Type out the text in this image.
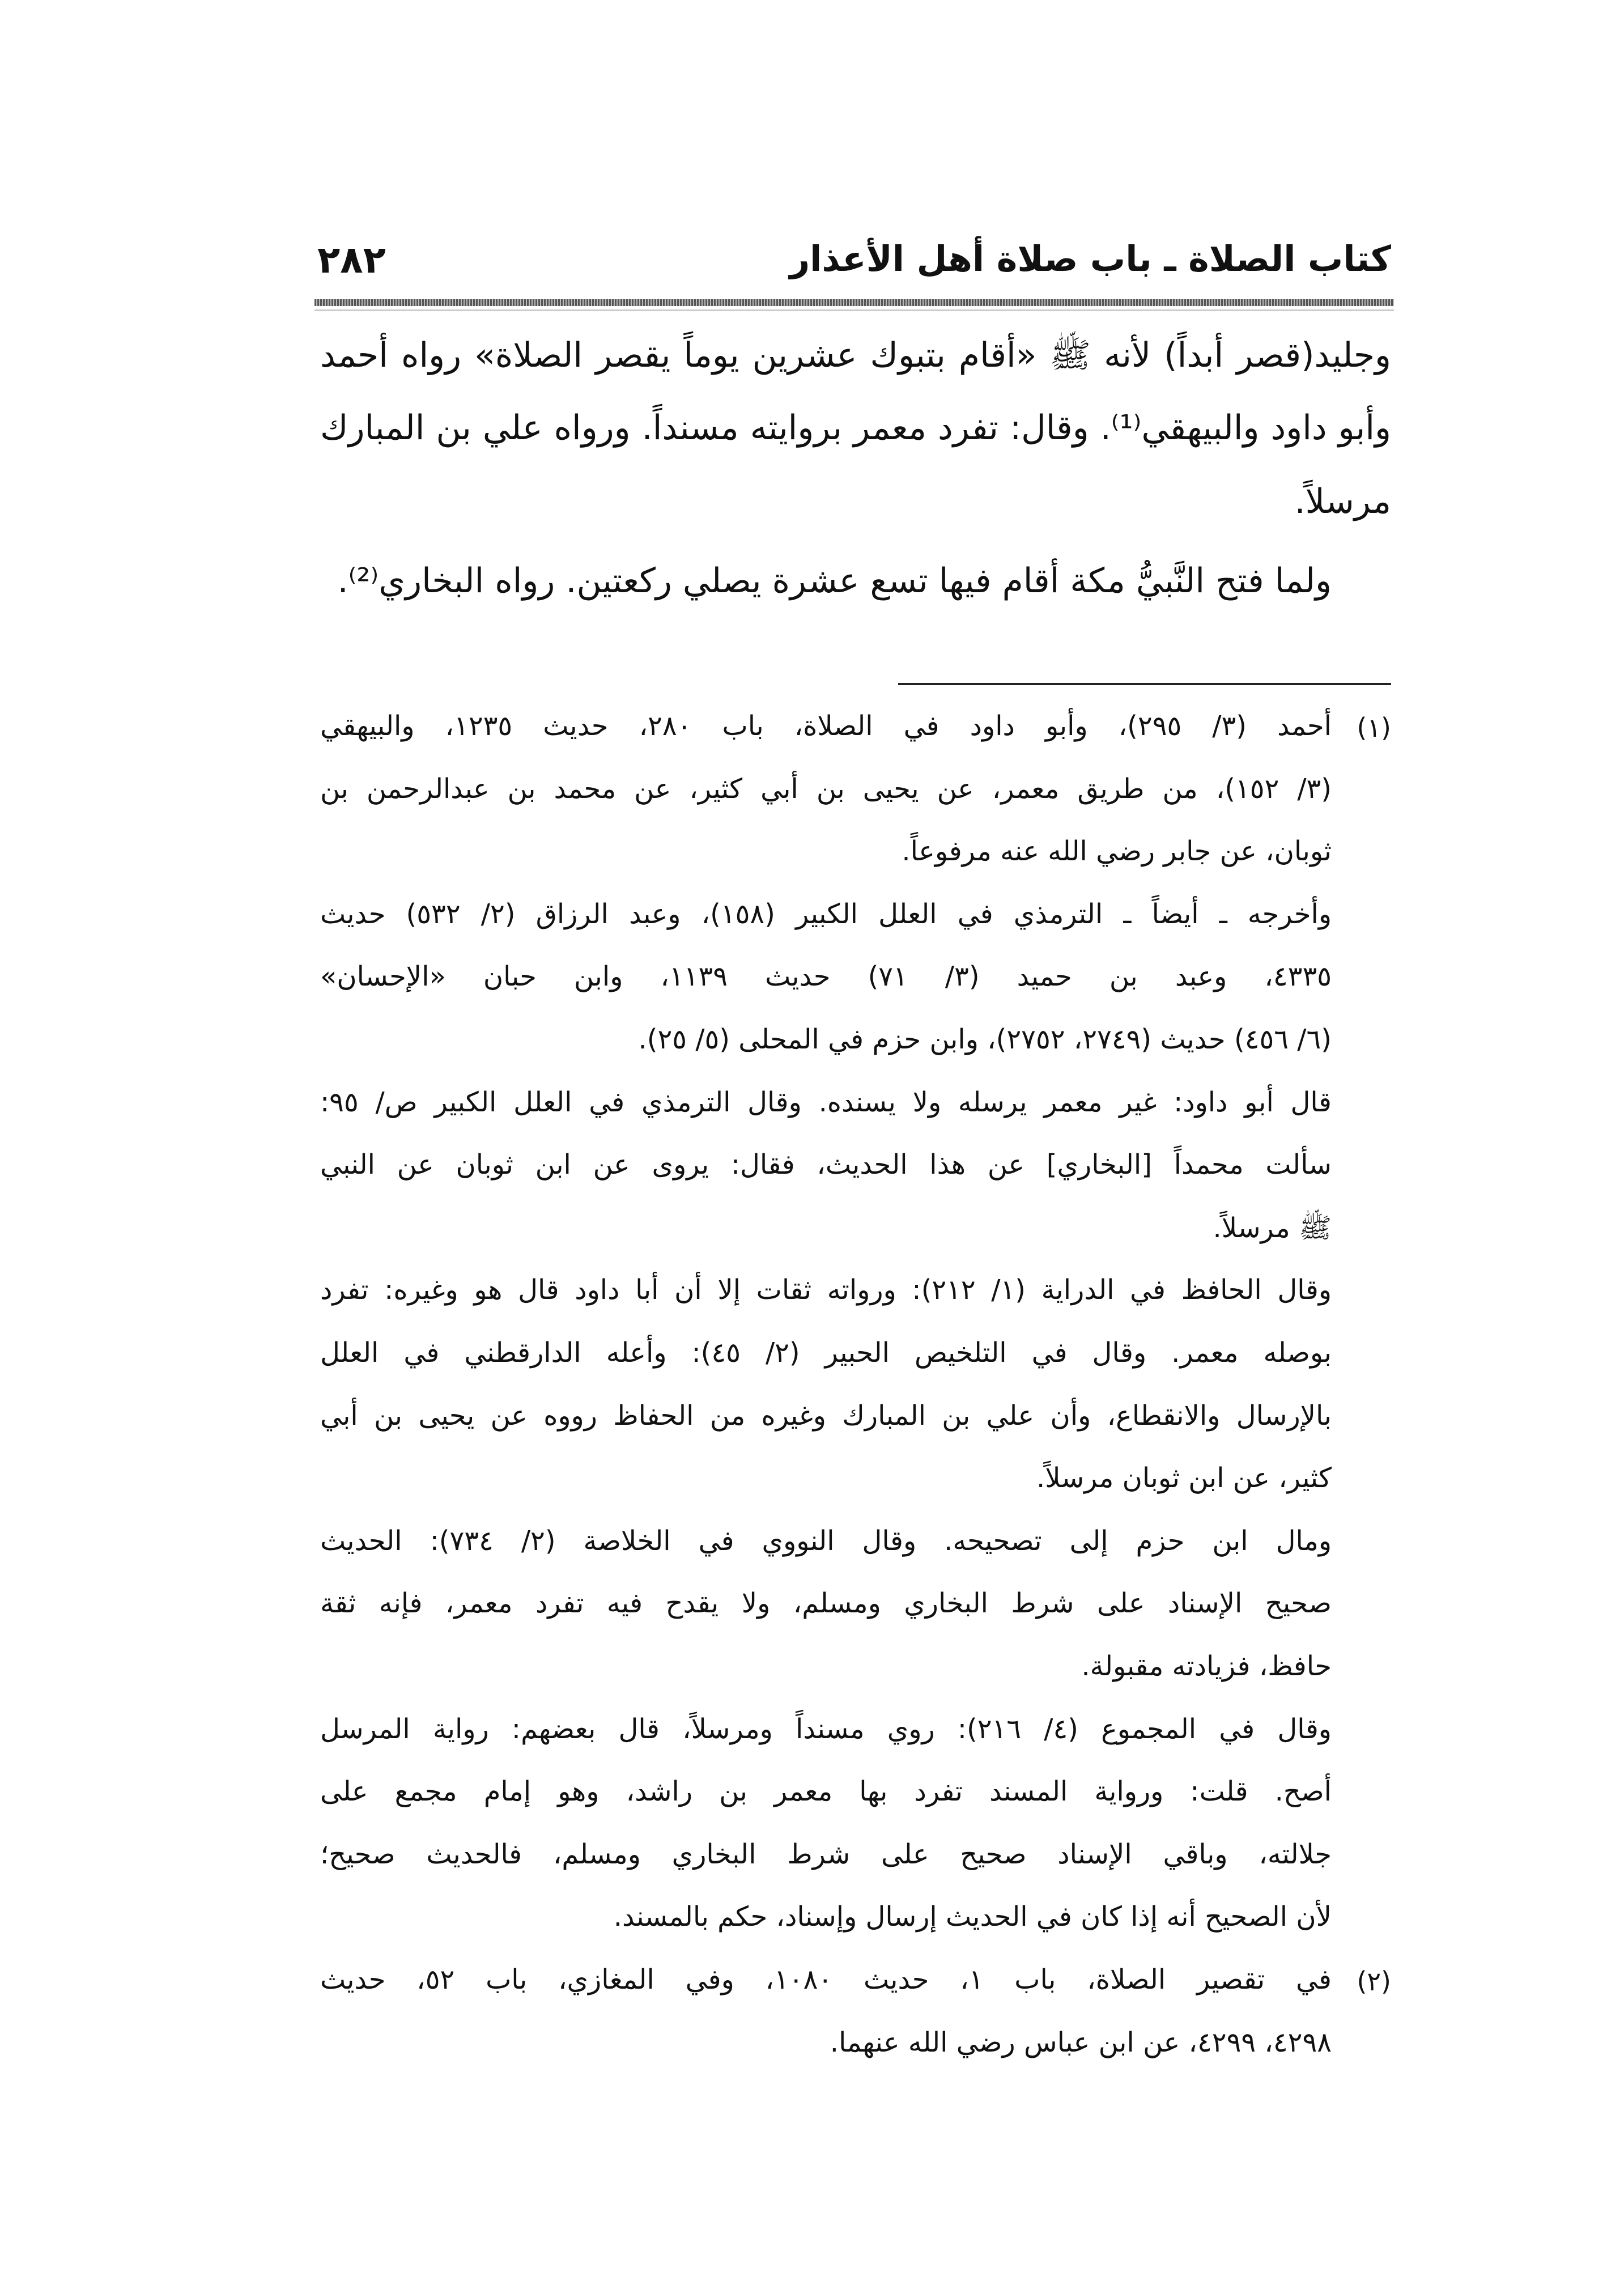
كتاب الصلاة ـ باب صلاة أهل الأعذار
٢٨٢
وجليد(قصر أبداً) لأنه ﷺ «أقام بتبوك عشرين يوماً يقصر الصلاة» رواه أحمد
وأبو داود والبيهقي⁽¹⁾. وقال: تفرد معمر بروايته مسنداً. ورواه علي بن المبارك
مرسلاً.
ولما فتح النَّبيُّ مكة أقام فيها تسع عشرة يصلي ركعتين. رواه البخاري⁽²⁾.
(١)
أحمد (٣/ ٢٩٥)، وأبو داود في الصلاة، باب ٢٨٠، حديث ١٢٣٥، والبيهقي
(٣/ ١٥٢)، من طريق معمر، عن يحيى بن أبي كثير، عن محمد بن عبدالرحمن بن
ثوبان، عن جابر رضي الله عنه مرفوعاً.
وأخرجه ـ أيضاً ـ الترمذي في العلل الكبير (١٥٨)، وعبد الرزاق (٢/ ٥٣٢) حديث
٤٣٣٥، وعبد بن حميد (٣/ ٧١) حديث ١١٣٩، وابن حبان «الإحسان»
(٦/ ٤٥٦) حديث (٢٧٤٩، ٢٧٥٢)، وابن حزم في المحلى (٥/ ٢٥).
قال أبو داود: غير معمر يرسله ولا يسنده. وقال الترمذي في العلل الكبير ص/ ٩٥:
سألت محمداً [البخاري] عن هذا الحديث، فقال: يروى عن ابن ثوبان عن النبي
ﷺ مرسلاً.
وقال الحافظ في الدراية (١/ ٢١٢): ورواته ثقات إلا أن أبا داود قال هو وغيره: تفرد
بوصله معمر. وقال في التلخيص الحبير (٢/ ٤٥): وأعله الدارقطني في العلل
بالإرسال والانقطاع، وأن علي بن المبارك وغيره من الحفاظ رووه عن يحيى بن أبي
كثير، عن ابن ثوبان مرسلاً.
ومال ابن حزم إلى تصحيحه. وقال النووي في الخلاصة (٢/ ٧٣٤): الحديث
صحيح الإسناد على شرط البخاري ومسلم، ولا يقدح فيه تفرد معمر، فإنه ثقة
حافظ، فزيادته مقبولة.
وقال في المجموع (٤/ ٢١٦): روي مسنداً ومرسلاً، قال بعضهم: رواية المرسل
أصح. قلت: ورواية المسند تفرد بها معمر بن راشد، وهو إمام مجمع على
جلالته، وباقي الإسناد صحيح على شرط البخاري ومسلم، فالحديث صحيح؛
لأن الصحيح أنه إذا كان في الحديث إرسال وإسناد، حكم بالمسند.
(٢)
في تقصير الصلاة، باب ١، حديث ١٠٨٠، وفي المغازي، باب ٥٢، حديث
٤٢٩٨، ٤٢٩٩، عن ابن عباس رضي الله عنهما.
